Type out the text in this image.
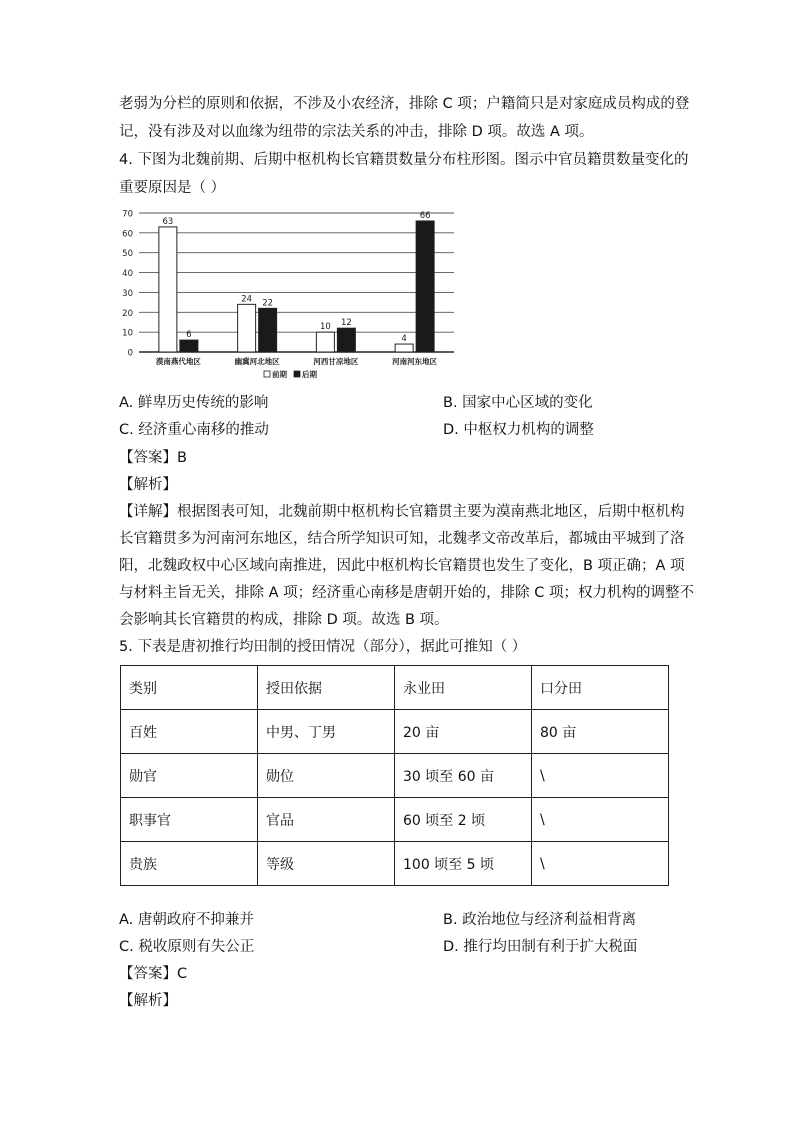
老弱为分栏的原则和依据，不涉及小农经济，排除 C 项；户籍简只是对家庭成员构成的登
记，没有涉及对以血缘为纽带的宗法关系的冲击，排除 D 项。故选 A 项。
4. 下图为北魏前期、后期中枢机构长官籍贯数量分布柱形图。图示中官员籍贯数量变化的
重要原因是（ ）
0
10
20
30
40
50
60
70
63
6
漠南燕代地区
24 22
幽冀河北地区
10 12
河西甘凉地区
4
66
河南河东地区
前期 后期
A. 鲜卑历史传统的影响	B. 国家中心区域的变化
C. 经济重心南移的推动	D. 中枢权力机构的调整
【答案】B
【解析】
【详解】根据图表可知，北魏前期中枢机构长官籍贯主要为漠南燕北地区，后期中枢机构
长官籍贯多为河南河东地区，结合所学知识可知，北魏孝文帝改革后，都城由平城到了洛
阳，北魏政权中心区域向南推进，因此中枢机构长官籍贯也发生了变化，B 项正确；A 项
与材料主旨无关，排除 A 项；经济重心南移是唐朝开始的，排除 C 项；权力机构的调整不
会影响其长官籍贯的构成，排除 D 项。故选 B 项。
5. 下表是唐初推行均田制的授田情况（部分），据此可推知（ ）
类别	授田依据	永业田	口分田
百姓	中男、丁男	20 亩	80 亩
勋官	勋位	30 顷至 60 亩	\
职事官	官品	60 顷至 2 顷	\
贵族	等级	100 顷至 5 顷	\
A. 唐朝政府不抑兼并	B. 政治地位与经济利益相背离
C. 税收原则有失公正	D. 推行均田制有利于扩大税面
【答案】C
【解析】
